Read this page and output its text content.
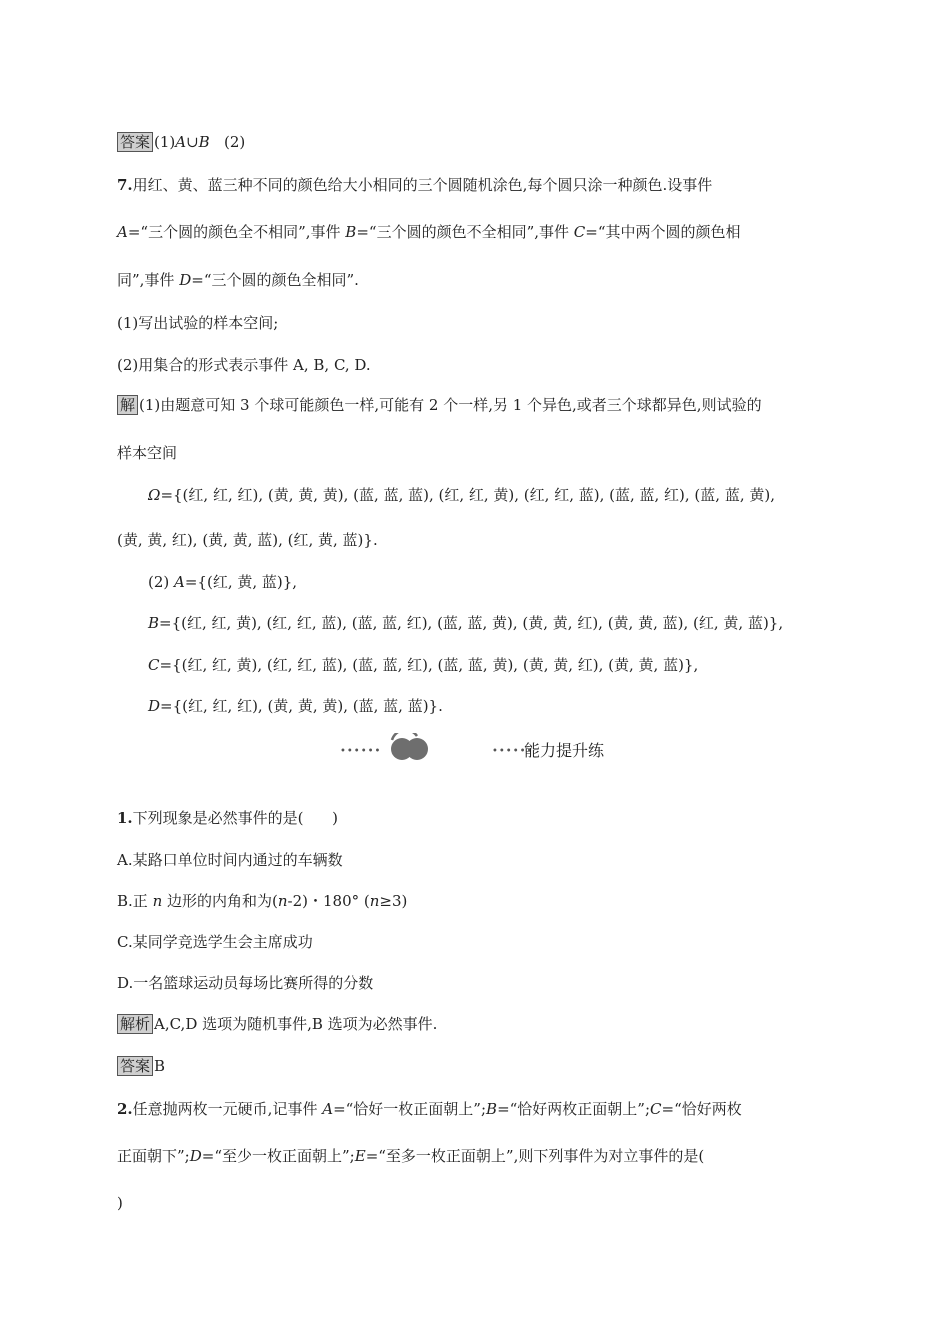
答案 (1)A∪B   (2)
7.用红、黄、蓝三种不同的颜色给大小相同的三个圆随机涂色,每个圆只涂一种颜色.设事件
A=“三个圆的颜色全不相同”,事件 B=“三个圆的颜色不全相同”,事件 C=“其中两个圆的颜色相
同”,事件 D=“三个圆的颜色全相同”.
(1)写出试验的样本空间;
(2)用集合的形式表示事件 A, B, C, D.
解 (1)由题意可知 3 个球可能颜色一样,可能有 2 个一样,另 1 个异色,或者三个球都异色,则试验的
样本空间
Ω={(红, 红, 红), (黄, 黄, 黄), (蓝, 蓝, 蓝), (红, 红, 黄), (红, 红, 蓝), (蓝, 蓝, 红), (蓝, 蓝, 黄),
(黄, 黄, 红), (黄, 黄, 蓝), (红, 黄, 蓝)}.
(2) A={(红, 黄, 蓝)},
B={(红, 红, 黄), (红, 红, 蓝), (蓝, 蓝, 红), (蓝, 蓝, 黄), (黄, 黄, 红), (黄, 黄, 蓝), (红, 黄, 蓝)},
C={(红, 红, 黄), (红, 红, 蓝), (蓝, 蓝, 红), (蓝, 蓝, 黄), (黄, 黄, 红), (黄, 黄, 蓝)},
D={(红, 红, 红), (黄, 黄, 黄), (蓝, 蓝, 蓝)}.
••••••	••••••
能力提升练
1.下列现象是必然事件的是(      )
A.某路口单位时间内通过的车辆数
B.正 n 边形的内角和为(n-2)・180° (n≥3)
C.某同学竞选学生会主席成功
D.一名篮球运动员每场比赛所得的分数
解析 A,C,D 选项为随机事件,B 选项为必然事件.
答案 B
2.任意抛两枚一元硬币,记事件 A=“恰好一枚正面朝上”;B=“恰好两枚正面朝上”;C=“恰好两枚
正面朝下”;D=“至少一枚正面朝上”;E=“至多一枚正面朝上”,则下列事件为对立事件的是(
)
